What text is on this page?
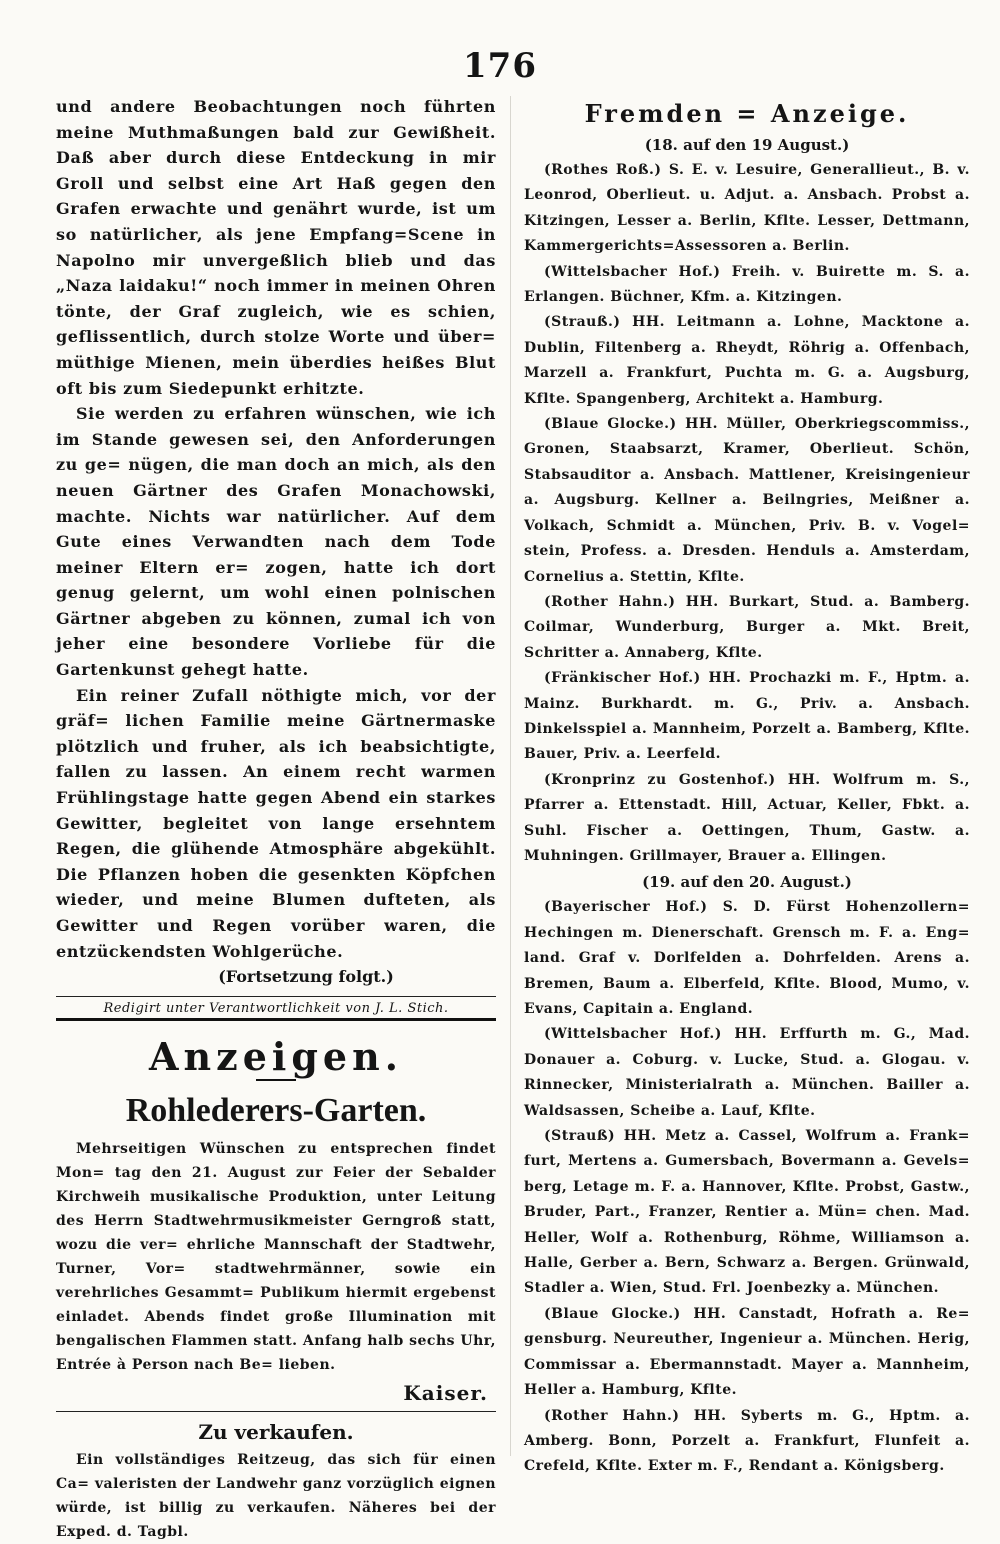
176

und andere Beobachtungen noch führten meine Muthmaßungen bald zur Gewißheit. Daß aber durch diese Entdeckung in mir Groll und selbst eine Art Haß gegen den Grafen erwachte und genährt wurde, ist um so natürlicher, als jene Empfang=Scene in Napolno mir unvergeßlich blieb und das „Naza laidaku!“ noch immer in meinen Ohren tönte, der Graf zugleich, wie es schien, geflissentlich, durch stolze Worte und über= müthige Mienen, mein überdies heißes Blut oft bis zum Siedepunkt erhitzte.

Sie werden zu erfahren wünschen, wie ich im Stande gewesen sei, den Anforderungen zu ge= nügen, die man doch an mich, als den neuen Gärtner des Grafen Monachowski, machte. Nichts war natürlicher. Auf dem Gute eines Verwandten nach dem Tode meiner Eltern er= zogen, hatte ich dort genug gelernt, um wohl einen polnischen Gärtner abgeben zu können, zumal ich von jeher eine besondere Vorliebe für die Gartenkunst gehegt hatte.

Ein reiner Zufall nöthigte mich, vor der gräf= lichen Familie meine Gärtnermaske plötzlich und fruher, als ich beabsichtigte, fallen zu lassen. An einem recht warmen Frühlingstage hatte gegen Abend ein starkes Gewitter, begleitet von lange ersehntem Regen, die glühende Atmosphäre abgekühlt. Die Pflanzen hoben die gesenkten Köpfchen wieder, und meine Blumen dufteten, als Gewitter und Regen vorüber waren, die entzückendsten Wohlgerüche.

(Fortsetzung folgt.)

Redigirt unter Verantwortlichkeit von J. L. Stich.

Anzeigen.
Rohlederers-Garten.

Mehrseitigen Wünschen zu entsprechen findet Mon= tag den 21. August zur Feier der Sebalder Kirchweih musikalische Produktion, unter Leitung des Herrn Stadtwehrmusikmeister Gerngroß statt, wozu die ver= ehrliche Mannschaft der Stadtwehr, Turner, Vor= stadtwehrmänner, sowie ein verehrliches Gesammt= Publikum hiermit ergebenst einladet. Abends findet große Illumination mit bengalischen Flammen statt. Anfang halb sechs Uhr, Entrée à Person nach Be= lieben.

Kaiser.
Zu verkaufen.

Ein vollständiges Reitzeug, das sich für einen Ca= valeristen der Landwehr ganz vorzüglich eignen würde, ist billig zu verkaufen. Näheres bei der Exped. d. Tagbl.

Fremden = Anzeige.

(18. auf den 19 August.)

(Rothes Roß.) S. E. v. Lesuire, Generallieut., B. v. Leonrod, Oberlieut. u. Adjut. a. Ansbach. Probst a. Kitzingen, Lesser a. Berlin, Kflte. Lesser, Dettmann, Kammergerichts=Assessoren a. Berlin.

(Wittelsbacher Hof.) Freih. v. Buirette m. S. a. Erlangen. Büchner, Kfm. a. Kitzingen.

(Strauß.) HH. Leitmann a. Lohne, Macktone a. Dublin, Filtenberg a. Rheydt, Röhrig a. Offenbach, Marzell a. Frankfurt, Puchta m. G. a. Augsburg, Kflte. Spangenberg, Architekt a. Hamburg.

(Blaue Glocke.) HH. Müller, Oberkriegscommiss., Gronen, Staabsarzt, Kramer, Oberlieut. Schön, Stabsauditor a. Ansbach. Mattlener, Kreisingenieur a. Augsburg. Kellner a. Beilngries, Meißner a. Volkach, Schmidt a. München, Priv. B. v. Vogel= stein, Profess. a. Dresden. Henduls a. Amsterdam, Cornelius a. Stettin, Kflte.

(Rother Hahn.) HH. Burkart, Stud. a. Bamberg. Coilmar, Wunderburg, Burger a. Mkt. Breit, Schritter a. Annaberg, Kflte.

(Fränkischer Hof.) HH. Prochazki m. F., Hptm. a. Mainz. Burkhardt. m. G., Priv. a. Ansbach. Dinkelsspiel a. Mannheim, Porzelt a. Bamberg, Kflte. Bauer, Priv. a. Leerfeld.

(Kronprinz zu Gostenhof.) HH. Wolfrum m. S., Pfarrer a. Ettenstadt. Hill, Actuar, Keller, Fbkt. a. Suhl. Fischer a. Oettingen, Thum, Gastw. a. Muhningen. Grillmayer, Brauer a. Ellingen.

(19. auf den 20. August.)

(Bayerischer Hof.) S. D. Fürst Hohenzollern= Hechingen m. Dienerschaft. Grensch m. F. a. Eng= land. Graf v. Dorlfelden a. Dohrfelden. Arens a. Bremen, Baum a. Elberfeld, Kflte. Blood, Mumo, v. Evans, Capitain a. England.

(Wittelsbacher Hof.) HH. Erffurth m. G., Mad. Donauer a. Coburg. v. Lucke, Stud. a. Glogau. v. Rinnecker, Ministerialrath a. München. Bailler a. Waldsassen, Scheibe a. Lauf, Kflte.

(Strauß) HH. Metz a. Cassel, Wolfrum a. Frank= furt, Mertens a. Gumersbach, Bovermann a. Gevels= berg, Letage m. F. a. Hannover, Kflte. Probst, Gastw., Bruder, Part., Franzer, Rentier a. Mün= chen. Mad. Heller, Wolf a. Rothenburg, Röhme, Williamson a. Halle, Gerber a. Bern, Schwarz a. Bergen. Grünwald, Stadler a. Wien, Stud. Frl. Joenbezky a. München.

(Blaue Glocke.) HH. Canstadt, Hofrath a. Re= gensburg. Neureuther, Ingenieur a. München. Herig, Commissar a. Ebermannstadt. Mayer a. Mannheim, Heller a. Hamburg, Kflte.

(Rother Hahn.) HH. Syberts m. G., Hptm. a. Amberg. Bonn, Porzelt a. Frankfurt, Flunfeit a. Crefeld, Kflte. Exter m. F., Rendant a. Königsberg.
